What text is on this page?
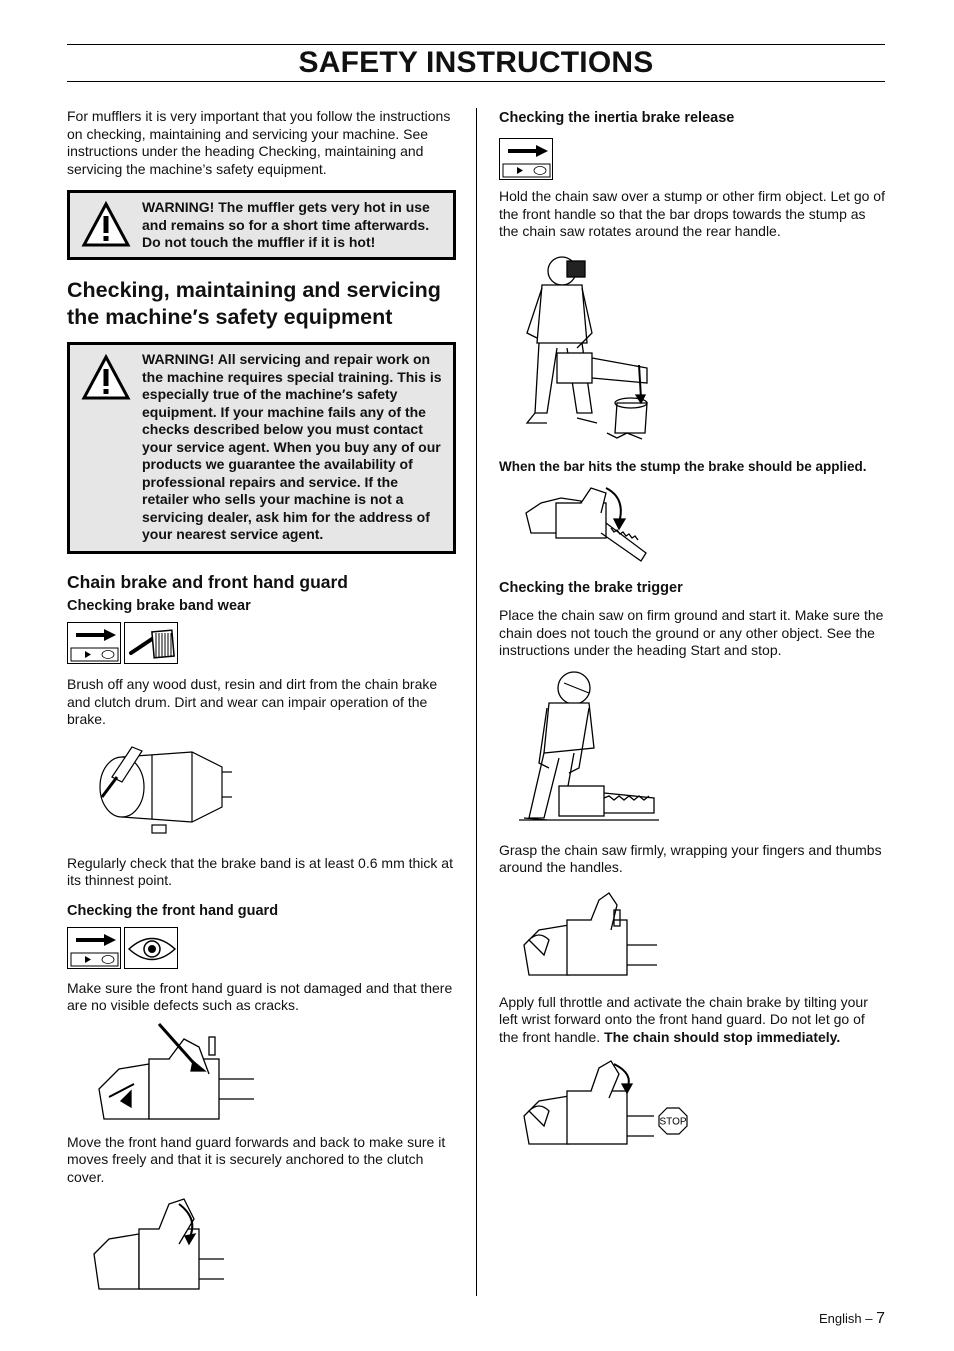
SAFETY INSTRUCTIONS

For mufflers it is very important that you follow the instructions on checking, maintaining and servicing your machine. See instructions under the heading Checking, maintaining and servicing the machine’s safety equipment.

WARNING! The muffler gets very hot in use and remains so for a short time afterwards. Do not touch the muffler if it is hot!
Checking, maintaining and servicing the machine′s safety equipment
WARNING! All servicing and repair work on the machine requires special training. This is especially true of the machine′s safety equipment. If your machine fails any of the checks described below you must contact your service agent. When you buy any of our products we guarantee the availability of professional repairs and service. If the retailer who sells your machine is not a servicing dealer, ask him for the address of your nearest service agent.
Chain brake and front hand guard
Checking brake band wear

Brush off any wood dust, resin and dirt from the chain brake and clutch drum. Dirt and wear can impair operation of the brake.

Regularly check that the brake band is at least 0.6 mm thick at its thinnest point.

Checking the front hand guard

Make sure the front hand guard is not damaged and that there are no visible defects such as cracks.

Move the front hand guard forwards and back to make sure it moves freely and that it is securely anchored to the clutch cover.

Checking the inertia brake release

Hold the chain saw over a stump or other firm object. Let go of the front handle so that the bar drops towards the stump as the chain saw rotates around the rear handle.

When the bar hits the stump the brake should be applied.

Checking the brake trigger

Place the chain saw on firm ground and start it. Make sure the chain does not touch the ground or any other object. See the instructions under the heading Start and stop.

Grasp the chain saw firmly, wrapping your fingers and thumbs around the handles.

Apply full throttle and activate the chain brake by tilting your left wrist forward onto the front hand guard. Do not let go of the front handle. The chain should stop immediately.

STOP
English – 7
